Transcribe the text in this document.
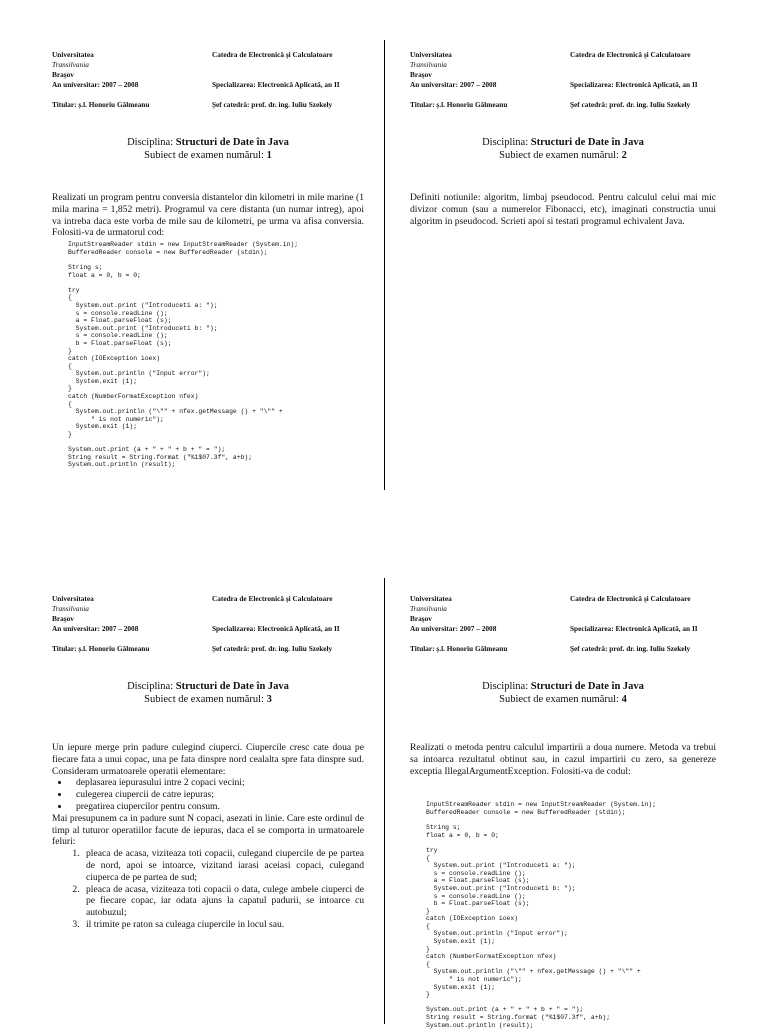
Universitatea
Transilvania
Brașov
Catedra de Electronică și Calculatoare
An universitar: 2007 – 2008	Specializarea: Electronică Aplicată, an II
Titular: ș.l. Honoriu Gălmeanu	Șef catedră: prof. dr. ing. Iuliu Szekely
Disciplina: Structuri de Date în Java
Subiect de examen numărul: 1
Realizati un program pentru conversia distantelor din kilometri in mile marine (1 mila marina = 1,852 metri). Programul va cere distanta (un numar intreg), apoi va intreba daca este vorba de mile sau de kilometri, pe urma va afisa conversia. Folositi-va de urmatorul cod:
InputStreamReader stdin = new InputStreamReader (System.in);
BufferedReader console = new BufferedReader (stdin);

String s;
float a = 0, b = 0;

try
{
System.out.print ("Introduceti a: ");
s = console.readLine ();
a = Float.parseFloat (s);
System.out.print ("Introduceti b: ");
s = console.readLine ();
b = Float.parseFloat (s);
}
catch (IOException ioex)
{
System.out.println ("Input error");
System.exit (1);
}
catch (NumberFormatException nfex)
{
System.out.println ("\"" + nfex.getMessage () + "\"" +
" is not numeric");
System.exit (1);
}

System.out.print (a + " + " + b + " = ");
String result = String.format ("%1$07.3f", a+b);
System.out.println (result);
Universitatea
Transilvania
Brașov
Catedra de Electronică și Calculatoare
An universitar: 2007 – 2008	Specializarea: Electronică Aplicată, an II
Titular: ș.l. Honoriu Gălmeanu	Șef catedră: prof. dr. ing. Iuliu Szekely
Disciplina: Structuri de Date în Java
Subiect de examen numărul: 2
Definiti notiunile: algoritm, limbaj pseudocod. Pentru calculul celui mai mic divizor comun (sau a numerelor Fibonacci, etc), imaginati constructia unui algoritm in pseudocod. Scrieti apoi si testati programul echivalent Java.
Universitatea
Transilvania
Brașov
Catedra de Electronică și Calculatoare
An universitar: 2007 – 2008	Specializarea: Electronică Aplicată, an II
Titular: ș.l. Honoriu Gălmeanu	Șef catedră: prof. dr. ing. Iuliu Szekely
Disciplina: Structuri de Date în Java
Subiect de examen numărul: 3
Un iepure merge prin padure culegind ciuperci. Ciupercile cresc cate doua pe fiecare fata a unui copac, una pe fata dinspre nord cealalta spre fata dinspre sud. Consideram urmatoarele operatii elementare:
• deplasarea iepurasului intre 2 copaci vecini;
• culegerea ciupercii de catre iepuras;
• pregatirea ciupercilor pentru consum.
Mai presupunem ca in padure sunt N copaci, asezati in linie. Care este ordinul de timp al tuturor operatiilor facute de iepuras, daca el se comporta in urmatoarele feluri:
1. pleaca de acasa, viziteaza toti copacii, culegand ciupercile de pe partea de nord, apoi se intoarce, vizitand iarasi aceiasi copaci, culegand ciuperca de pe partea de sud;
2. pleaca de acasa, viziteaza toti copacii o data, culege ambele ciuperci de pe fiecare copac, iar odata ajuns la capatul padurii, se intoarce cu autobuzul;
3. il trimite pe raton sa culeaga ciupercile in locul sau.
Universitatea
Transilvania
Brașov
Catedra de Electronică și Calculatoare
An universitar: 2007 – 2008	Specializarea: Electronică Aplicată, an II
Titular: ș.l. Honoriu Gălmeanu	Șef catedră: prof. dr. ing. Iuliu Szekely
Disciplina: Structuri de Date în Java
Subiect de examen numărul: 4
Realizati o metoda pentru calculul impartirii a doua numere. Metoda va trebui sa intoarca rezultatul obtinut sau, in cazul impartirii cu zero, sa genereze exceptia IllegalArgumentException. Folositi-va de codul:
InputStreamReader stdin = new InputStreamReader (System.in);
BufferedReader console = new BufferedReader (stdin);

String s;
float a = 0, b = 0;

try
{
System.out.print ("Introduceti a: ");
s = console.readLine ();
a = Float.parseFloat (s);
System.out.print ("Introduceti b: ");
s = console.readLine ();
b = Float.parseFloat (s);
}
catch (IOException ioex)
{
System.out.println ("Input error");
System.exit (1);
}
catch (NumberFormatException nfex)
{
System.out.println ("\"" + nfex.getMessage () + "\"" +
" is not numeric");
System.exit (1);
}

System.out.print (a + " + " + b + " = ");
String result = String.format ("%1$07.3f", a+b);
System.out.println (result);
